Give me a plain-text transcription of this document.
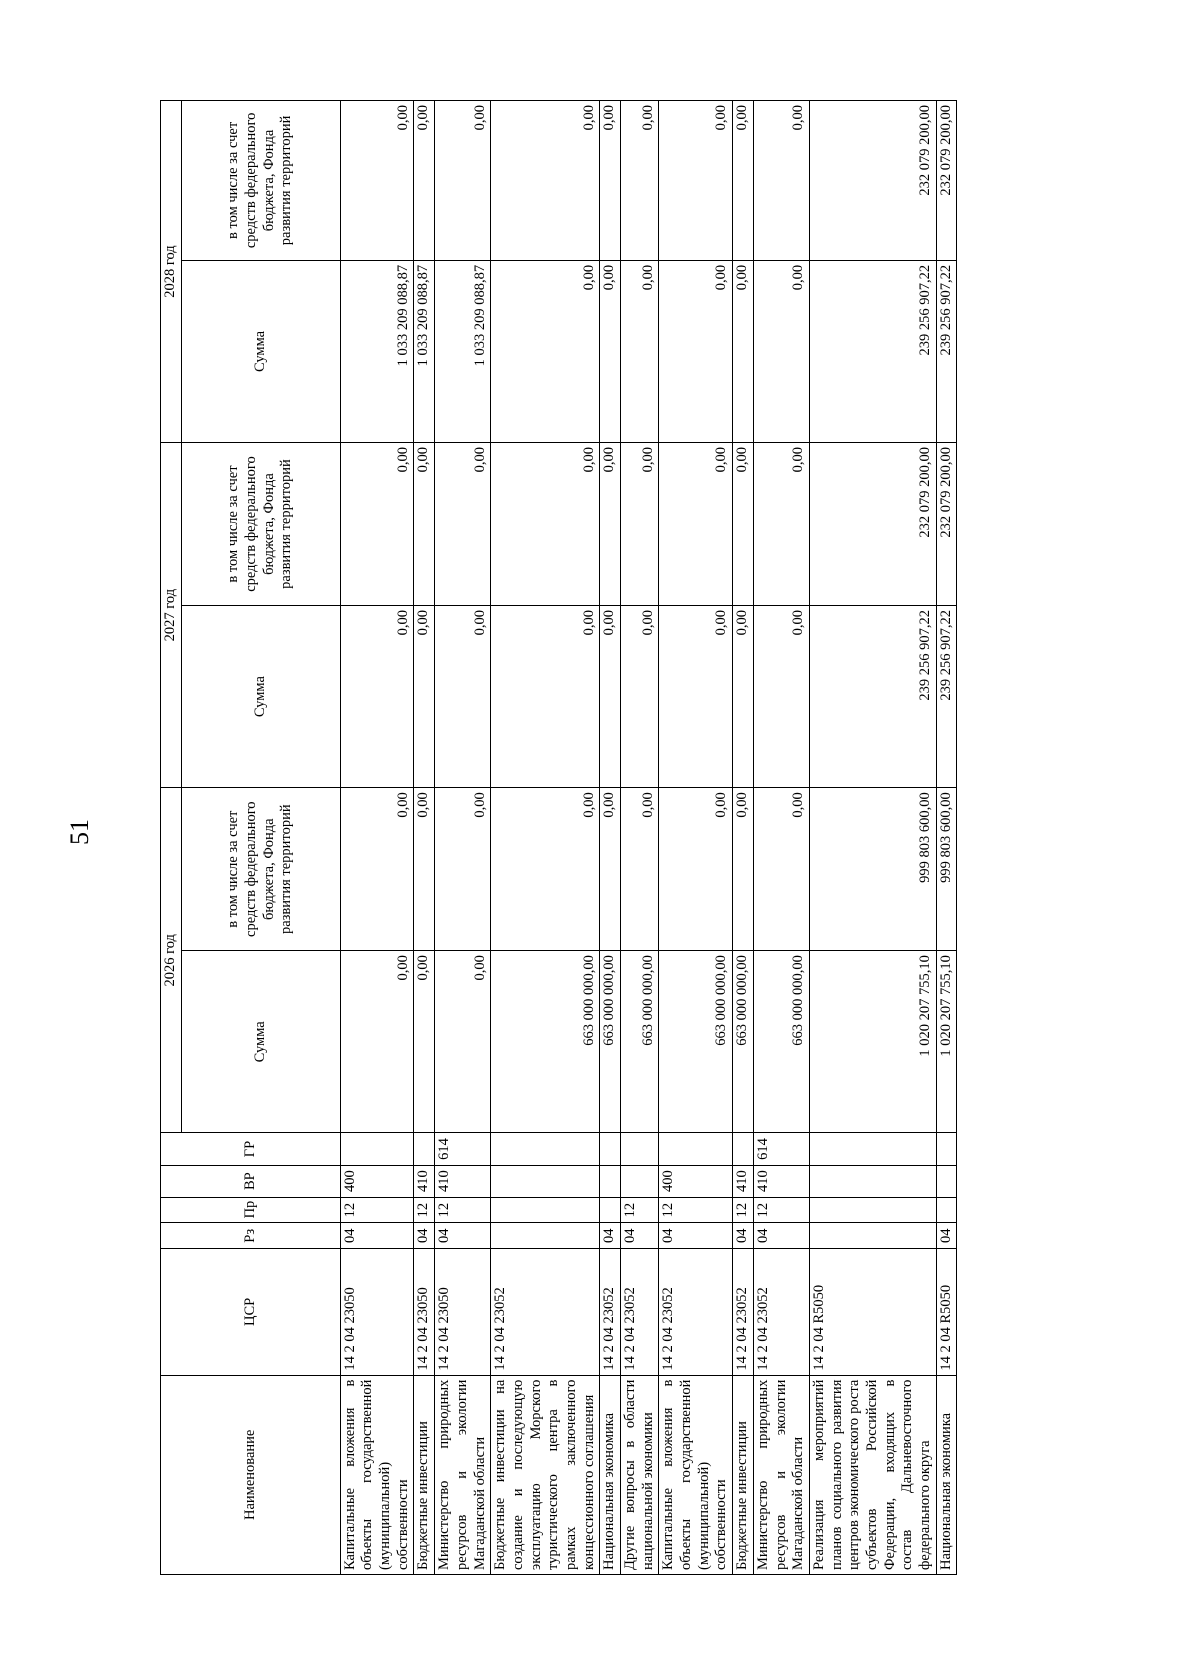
51
Наименование	ЦСР	Рз	Пр	ВР	ГР	2026 год		2027 год		2028 год	
						Сумма	в том числе за счет средств федерального бюджета, Фонда развития территорий	Сумма	в том числе за счет средств федерального бюджета, Фонда развития территорий	Сумма	в том числе за счет средств федерального бюджета, Фонда развития территорий
Капитальные вложения в объекты государственной (муниципальной) собственности	14 2 04 23050	04	12	400		0,00	0,00	0,00	0,00	1 033 209 088,87	0,00
Бюджетные инвестиции	14 2 04 23050	04	12	410		0,00	0,00	0,00	0,00	1 033 209 088,87	0,00
Министерство природных ресурсов и экологии Магаданской области	14 2 04 23050	04	12	410	614	0,00	0,00	0,00	0,00	1 033 209 088,87	0,00
Бюджетные инвестиции на создание и последующую эксплуатацию Морского туристического центра в рамках заключенного концессионного соглашения	14 2 04 23052					663 000 000,00	0,00	0,00	0,00	0,00	0,00
Национальная экономика	14 2 04 23052	04				663 000 000,00	0,00	0,00	0,00	0,00	0,00
Другие вопросы в области национальной экономики	14 2 04 23052	04	12			663 000 000,00	0,00	0,00	0,00	0,00	0,00
Капитальные вложения в объекты государственной (муниципальной) собственности	14 2 04 23052	04	12	400		663 000 000,00	0,00	0,00	0,00	0,00	0,00
Бюджетные инвестиции	14 2 04 23052	04	12	410		663 000 000,00	0,00	0,00	0,00	0,00	0,00
Министерство природных ресурсов и экологии Магаданской области	14 2 04 23052	04	12	410	614	663 000 000,00	0,00	0,00	0,00	0,00	0,00
Реализация мероприятий планов социального развития центров экономического роста субъектов Российской Федерации, входящих в состав Дальневосточного федерального округа	14 2 04 R5050					1 020 207 755,10	999 803 600,00	239 256 907,22	232 079 200,00	239 256 907,22	232 079 200,00
Национальная экономика	14 2 04 R5050	04				1 020 207 755,10	999 803 600,00	239 256 907,22	232 079 200,00	239 256 907,22	232 079 200,00
